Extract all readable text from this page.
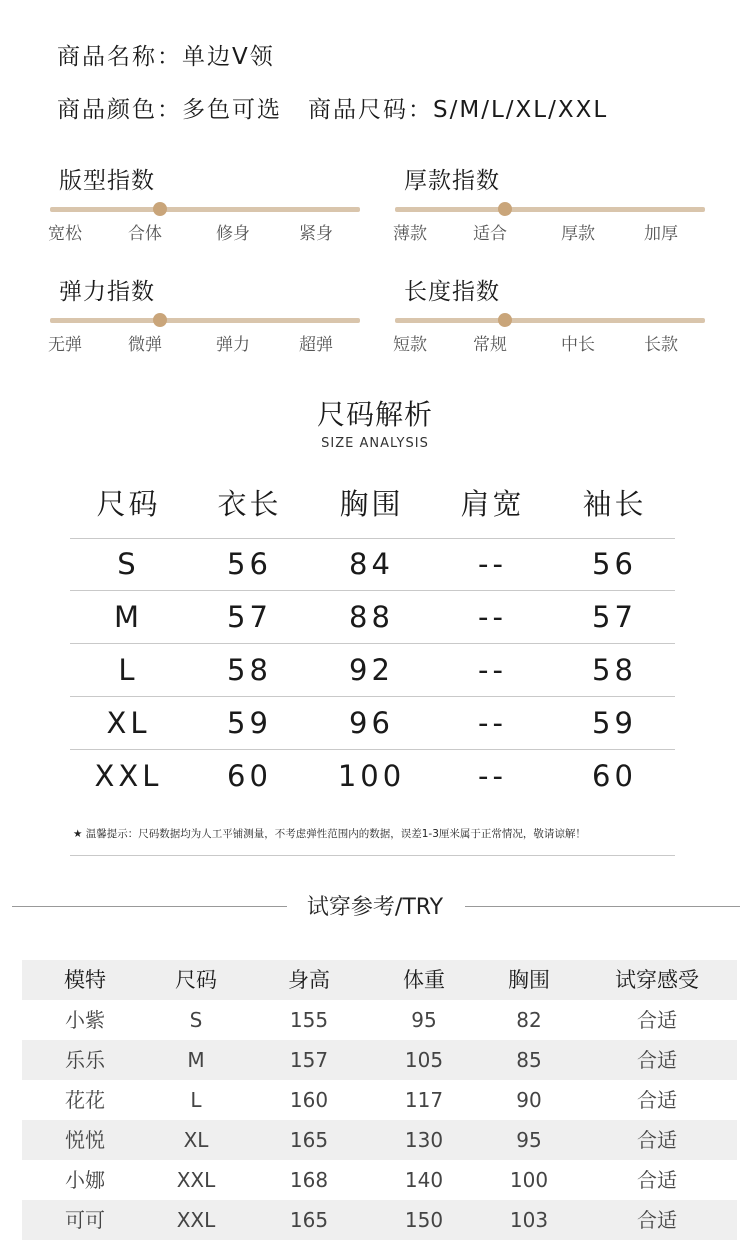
商品名称：单边V领
商品颜色：多色可选 商品尺码：S/M/L/XL/XXL
版型指数
宽松	合体	修身	紧身
厚款指数
薄款	适合	厚款	加厚
弹力指数
无弹	微弹	弹力	超弹
长度指数
短款	常规	中长	长款
尺码解析
SIZE ANALYSIS
尺码	衣长	胸围	肩宽	袖长
S	56	84	--	56
M	57	88	--	57
L	58	92	--	58
XL	59	96	--	59
XXL	60	100	--	60
★ 温馨提示：尺码数据均为人工平铺测量，不考虑弹性范围内的数据，误差1-3厘米属于正常情况，敬请谅解！
试穿参考/TRY
模特	尺码	身高	体重	胸围	试穿感受
小紫	S	155	95	82	合适
乐乐	M	157	105	85	合适
花花	L	160	117	90	合适
悦悦	XL	165	130	95	合适
小娜	XXL	168	140	100	合适
可可	XXL	165	150	103	合适
